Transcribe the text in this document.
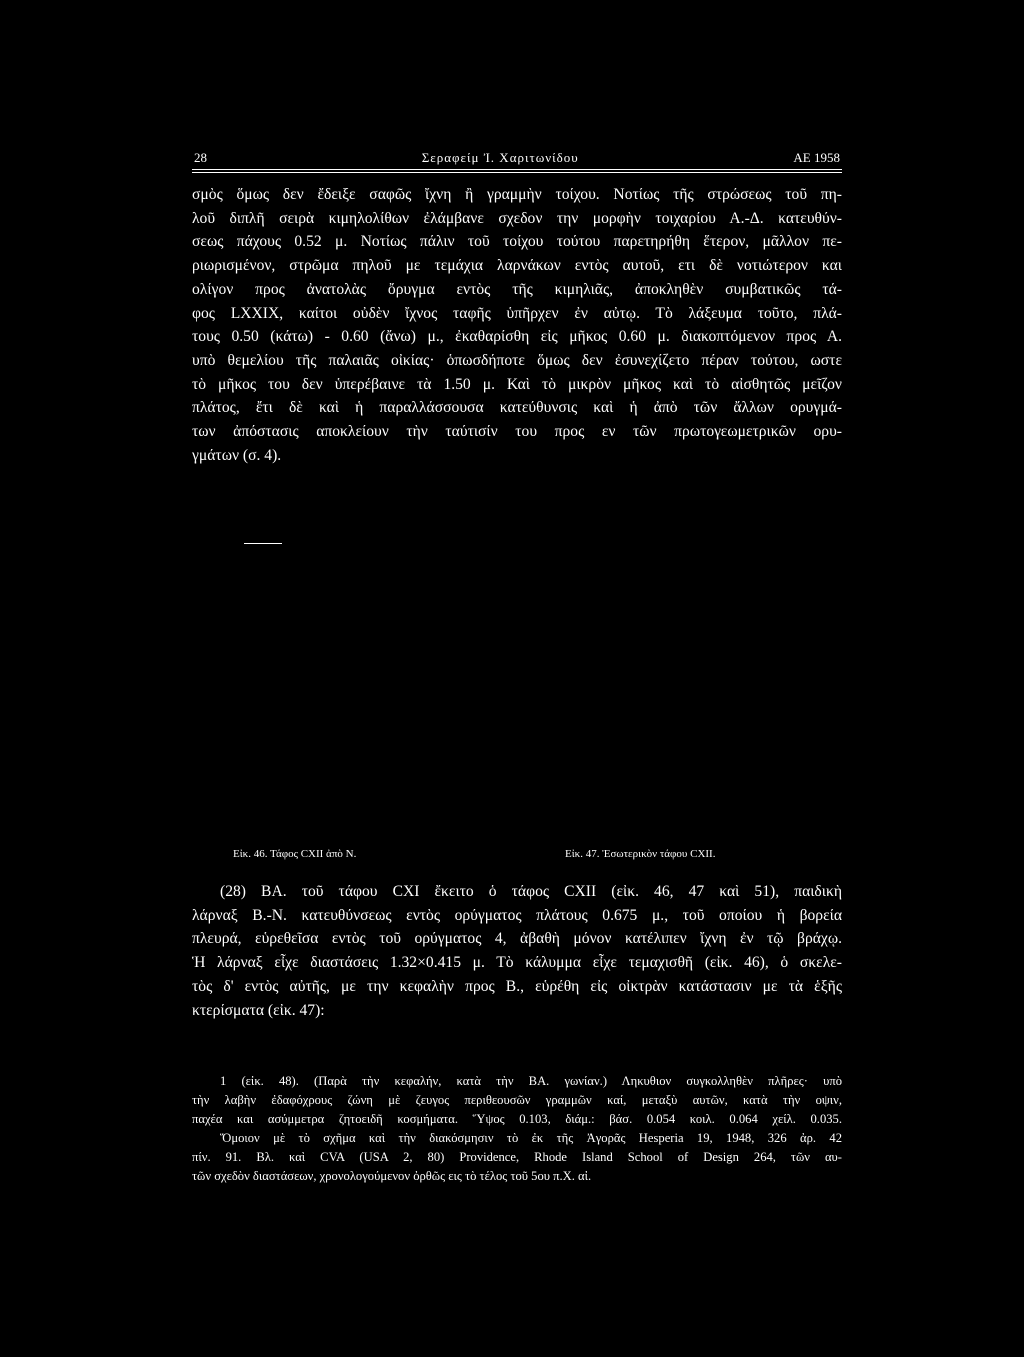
28	Σεραφείμ Ἰ. Χαριτωνίδου	ΑΕ 1958
σμὸς ὅμως δεν ἔδειξε σαφῶς ἴχνη ἢ γραμμὴν τοίχου. Νοτίως τῆς στρώσεως τοῦ πη-
λοῦ διπλῆ σειρὰ κιμηλολίθων ἐλάμβανε σχεδον την μορφὴν τοιχαρίου Α.-Δ. κατευθύν-
σεως πάχους 0.52 μ. Νοτίως πάλιν τοῦ τοίχου τούτου παρετηρήθη ἕτερον, μᾶλλον πε-
ριωρισμένον, στρῶμα πηλοῦ με τεμάχια λαρνάκων εντὸς αυτοῦ, ετι δὲ νοτιώτερον και
ολίγον προς ἀνατολὰς ὄρυγμα εντὸς τῆς κιμηλιᾶς, ἀποκληθὲν συμβατικῶς τά-
φος LXXIX, καίτοι οὐδὲν ἴχνος ταφῆς ὑπῆρχεν ἐν αὐτῳ. Τὸ λάξευμα τοῦτο, πλά-
τους 0.50 (κάτω) - 0.60 (ἄνω) μ., ἐκαθαρίσθη εἰς μῆκος 0.60 μ. διακοπτόμενον προς Α.
υπὸ θεμελίου τῆς παλαιᾶς οἰκίας· ὁπωσδήποτε ὅμως δεν ἐσυνεχίζετο πέραν τούτου, ωστε
τὸ μῆκος του δεν ὑπερέβαινε τὰ 1.50 μ. Καὶ τὸ μικρὸν μῆκος καὶ τὸ αἰσθητῶς μεῖζον
πλάτος, ἔτι δὲ καὶ ἡ παραλλάσσουσα κατεύθυνσις καὶ ἡ ἀπὸ τῶν ἄλλων ορυγμά-
των ἀπόστασις αποκλείουν τὴν ταύτισίν του προς εν τῶν πρωτογεωμετρικῶν ορυ-
γμάτων (σ. 4).
Εἰκ. 46. Τάφος CXII ἀπὸ Ν.	Εἰκ. 47. Ἐσωτερικὸν τάφου CXII.
(28) ΒΑ. τοῦ τάφου CXI ἔκειτο ὁ τάφος CXII (εἰκ. 46, 47 καὶ 51), παιδικὴ
λάρναξ Β.-Ν. κατευθύνσεως εντὸς ορύγματος πλάτους 0.675 μ., τοῦ οποίου ἡ βορεία
πλευρά, εὑρεθεῖσα εντὸς τοῦ ορύγματος 4, ἀβαθὴ μόνον κατέλιπεν ἴχνη ἐν τῷ βράχῳ.
Ἡ λάρναξ εἶχε διαστάσεις 1.32×0.415 μ. Τὸ κάλυμμα εἶχε τεμαχισθῆ (εἰκ. 46), ὁ σκελε-
τὸς δ' εντὸς αὐτῆς, με την κεφαλὴν προς Β., εὑρέθη εἰς οἰκτρὰν κατάστασιν με τὰ ἑξῆς
κτερίσματα (εἰκ. 47):
1 (εἰκ. 48). (Παρὰ τὴν κεφαλήν, κατὰ τὴν ΒΑ. γωνίαν.) Ληκυθιον συγκολληθὲν πλῆρες· υπὸ
τὴν λαβὴν ἐδαφόχρους ζώνη μὲ ζευγος περιθεουσῶν γραμμῶν καί, μεταξὺ αυτῶν, κατὰ τὴν οψιν,
παχέα και ασύμμετρα ζητοειδῆ κοσμήματα. Ὕψος 0.103, διάμ.: βάσ. 0.054 κοιλ. 0.064 χείλ. 0.035.
Ὅμοιον μὲ τὸ σχῆμα καὶ τὴν διακόσμησιν τὸ ἐκ τῆς Ἀγορᾶς Hesperia 19, 1948, 326 ἀρ. 42
πίν. 91. Βλ. καὶ CVA (USA 2, 80) Providence, Rhode Island School of Design 264, τῶν αυ-
τῶν σχεδὸν διαστάσεων, χρονολογούμενον ὀρθῶς εις τὸ τέλος τοῦ 5ου π.Χ. αἰ.
